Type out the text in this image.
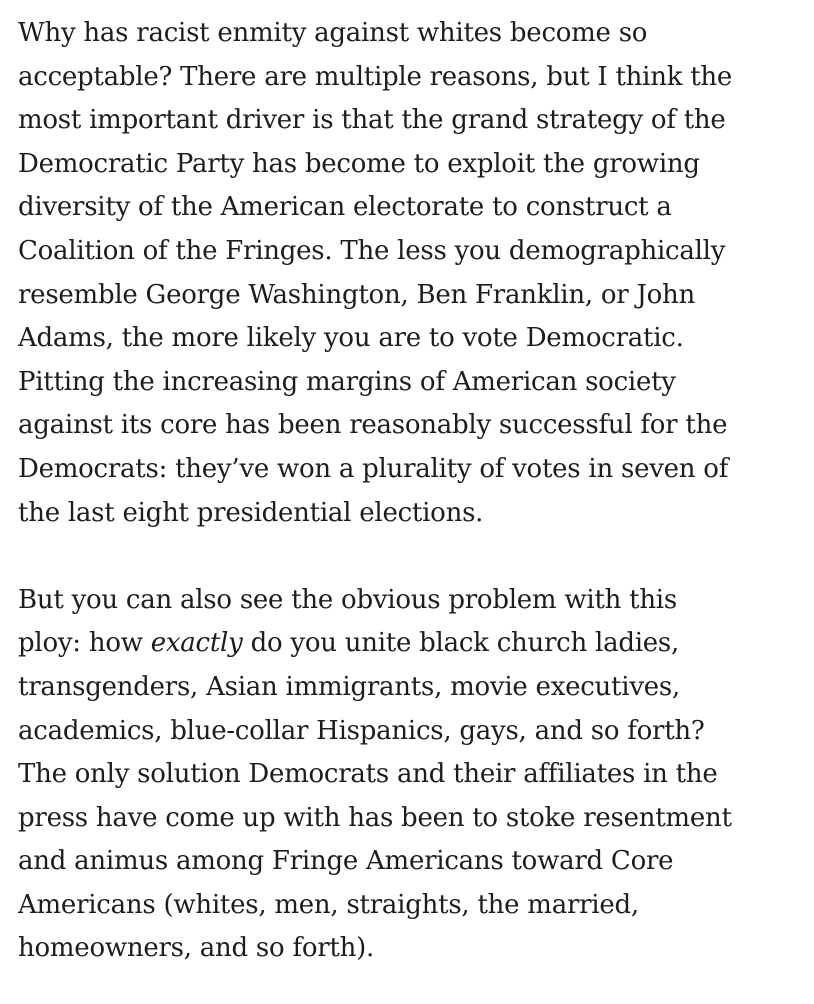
Why has racist enmity against whites become so
acceptable? There are multiple reasons, but I think the
most important driver is that the grand strategy of the
Democratic Party has become to exploit the growing
diversity of the American electorate to construct a
Coalition of the Fringes. The less you demographically
resemble George Washington, Ben Franklin, or John
Adams, the more likely you are to vote Democratic.
Pitting the increasing margins of American society
against its core has been reasonably successful for the
Democrats: they’ve won a plurality of votes in seven of
the last eight presidential elections.

But you can also see the obvious problem with this
ploy: how exactly do you unite black church ladies,
transgenders, Asian immigrants, movie executives,
academics, blue-collar Hispanics, gays, and so forth?
The only solution Democrats and their affiliates in the
press have come up with has been to stoke resentment
and animus among Fringe Americans toward Core
Americans (whites, men, straights, the married,
homeowners, and so forth).
